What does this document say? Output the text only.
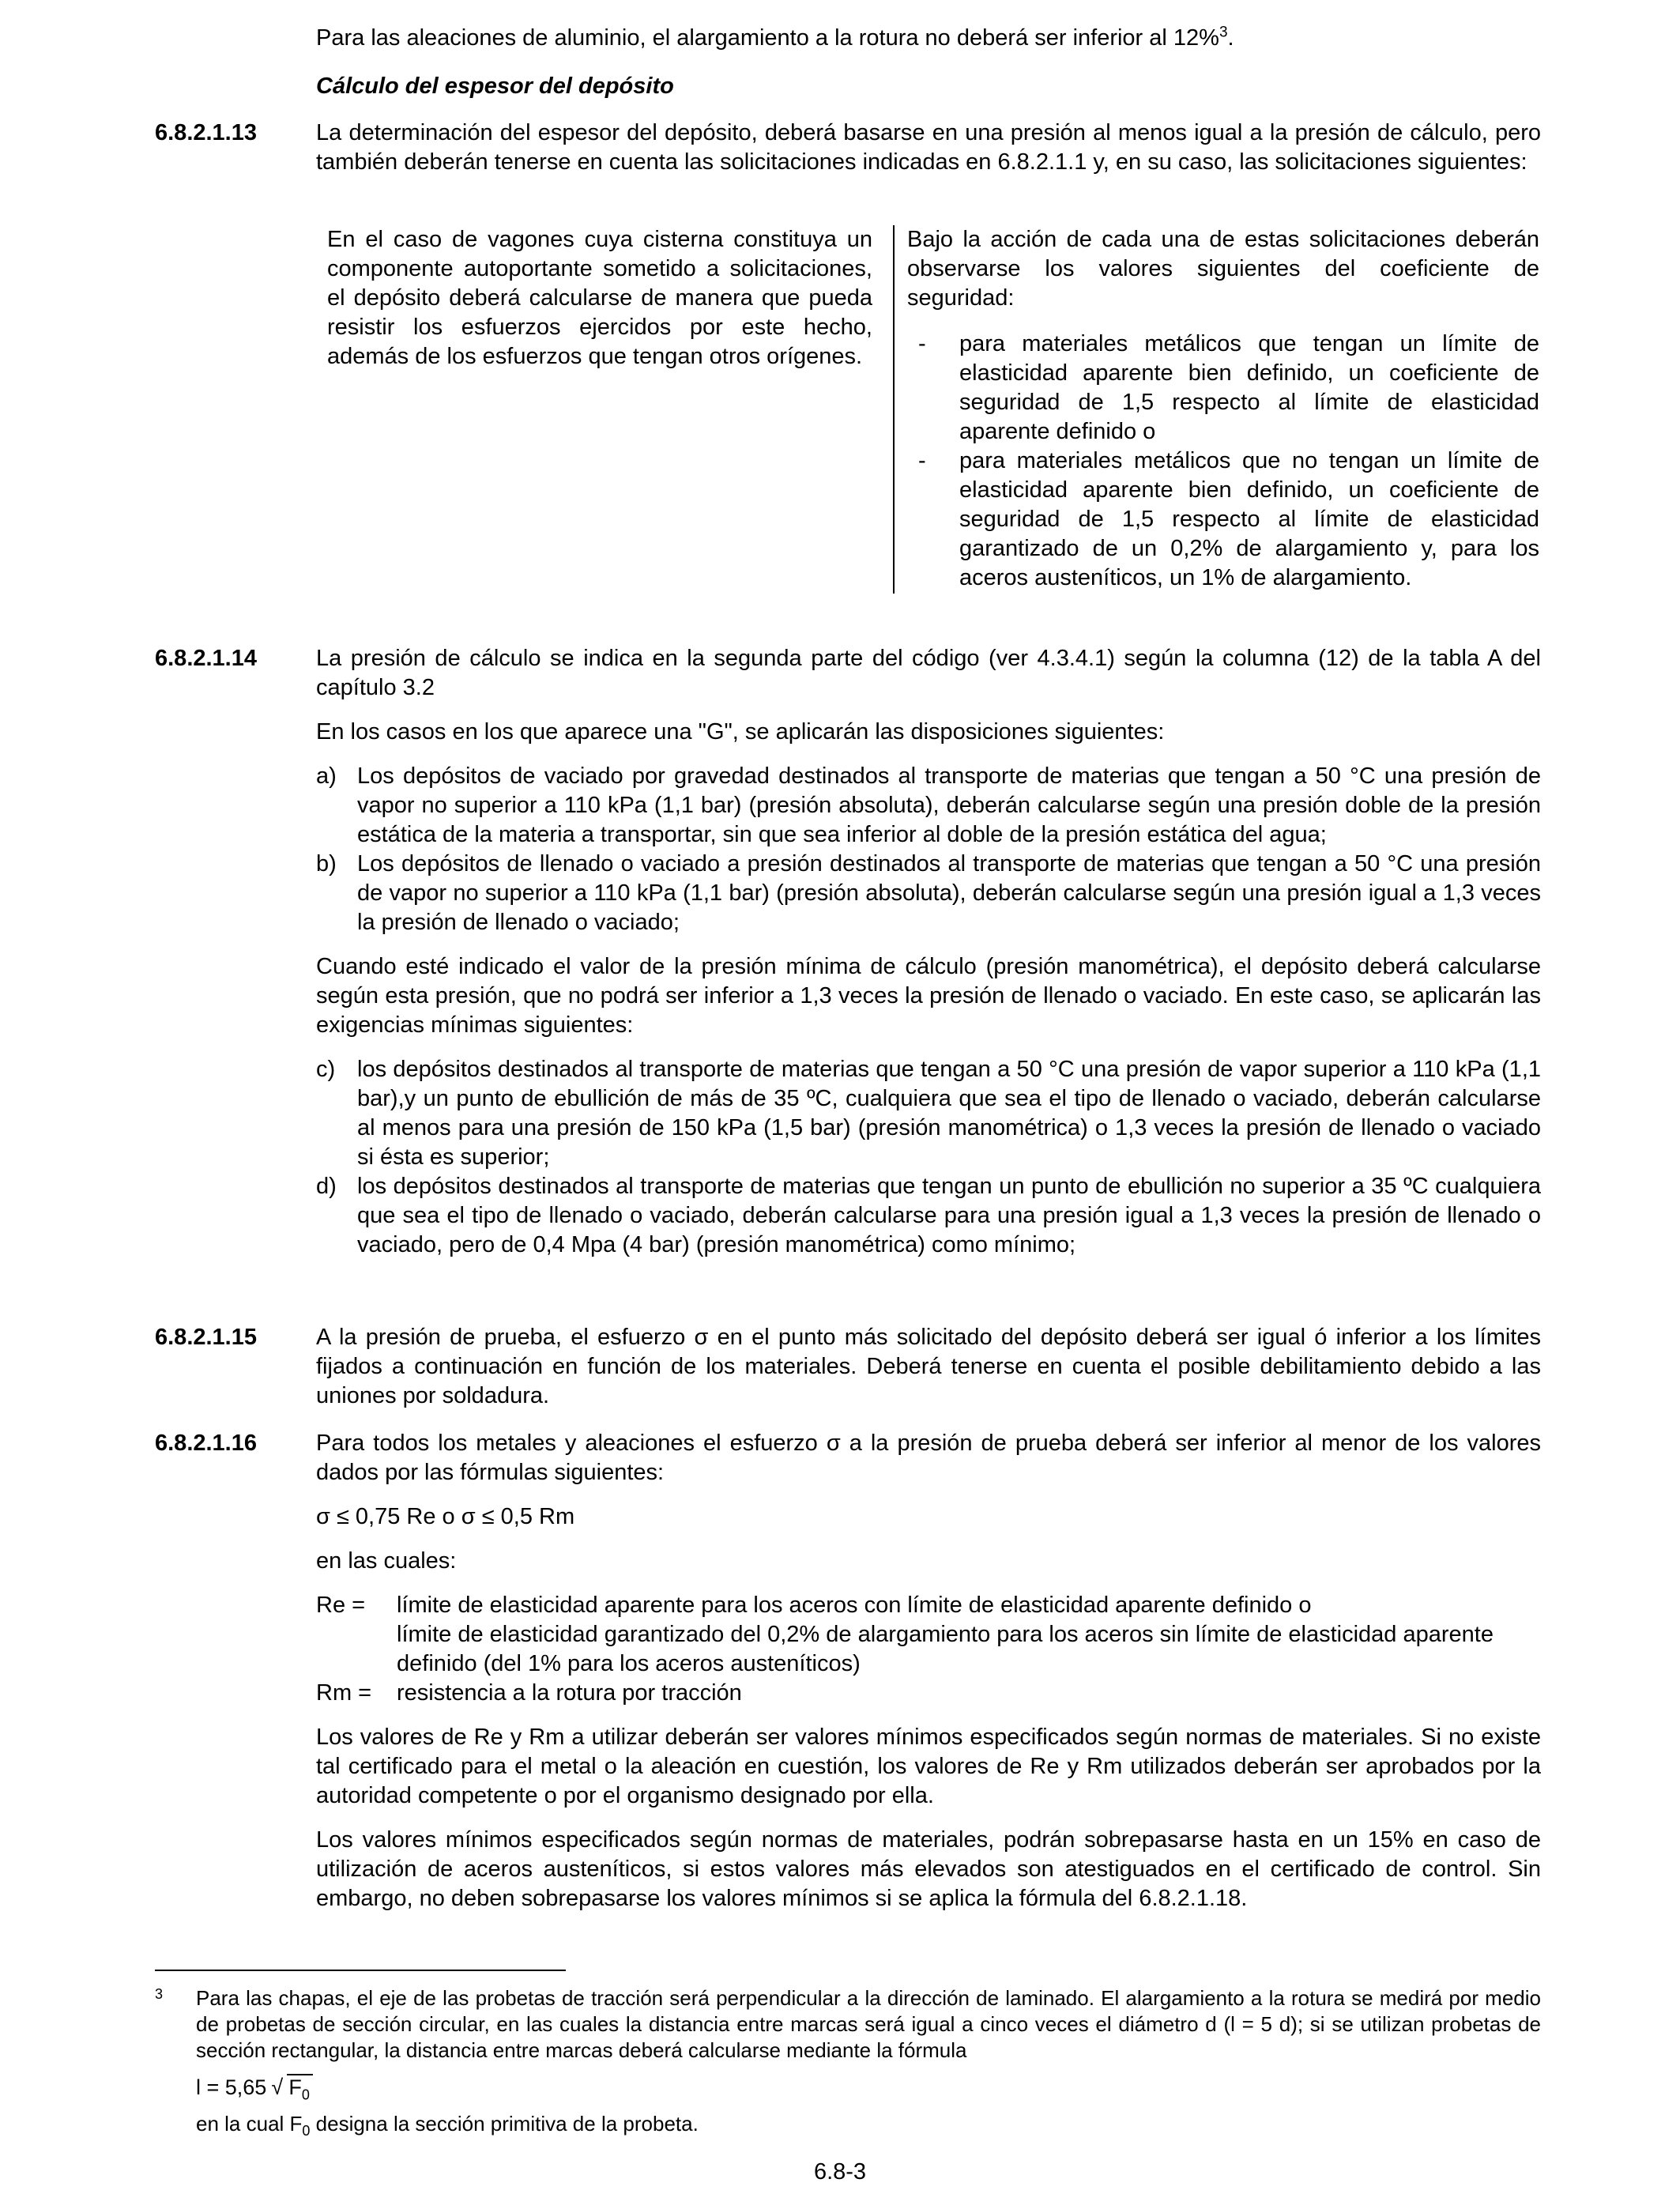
Para las aleaciones de aluminio, el alargamiento a la rotura no deberá ser inferior al 12%$^3$.

Cálculo del espesor del depósito
6.8.2.1.13	La determinación del espesor del depósito, deberá basarse en una presión al menos igual a la presión de cálculo, pero también deberán tenerse en cuenta las solicitaciones indicadas en 6.8.2.1.1 y, en su caso, las solicitaciones siguientes:

En el caso de vagones cuya cisterna constituya un componente autoportante sometido a solicitaciones, el depósito deberá calcularse de manera que pueda resistir los esfuerzos ejercidos por este hecho, además de los esfuerzos que tengan otros orígenes.
Bajo la acción de cada una de estas solicitaciones deberán observarse los valores siguientes del coeficiente de seguridad:
- para materiales metálicos que tengan un límite de elasticidad aparente bien definido, un coeficiente de seguridad de 1,5 respecto al límite de elasticidad aparente definido o
- para materiales metálicos que no tengan un límite de elasticidad aparente bien definido, un coeficiente de seguridad de 1,5 respecto al límite de elasticidad garantizado de un 0,2% de alargamiento y, para los aceros austeníticos, un 1% de alargamiento.
6.8.2.1.14	La presión de cálculo se indica en la segunda parte del código (ver 4.3.4.1) según la columna (12) de la tabla A del capítulo 3.2

En los casos en los que aparece una "G", se aplicarán las disposiciones siguientes:

a) Los depósitos de vaciado por gravedad destinados al transporte de materias que tengan a 50 °C una presión de vapor no superior a 110 kPa (1,1 bar) (presión absoluta), deberán calcularse según una presión doble de la presión estática de la materia a transportar, sin que sea inferior al doble de la presión estática del agua;
b) Los depósitos de llenado o vaciado a presión destinados al transporte de materias que tengan a 50 °C una presión de vapor no superior a 110 kPa (1,1 bar) (presión absoluta), deberán calcularse según una presión igual a 1,3 veces la presión de llenado o vaciado;

Cuando esté indicado el valor de la presión mínima de cálculo (presión manométrica), el depósito deberá calcularse según esta presión, que no podrá ser inferior a 1,3 veces la presión de llenado o vaciado. En este caso, se aplicarán las exigencias mínimas siguientes:

c) los depósitos destinados al transporte de materias que tengan a 50 °C una presión de vapor superior a 110 kPa (1,1 bar),y un punto de ebullición de más de 35 ºC, cualquiera que sea el tipo de llenado o vaciado, deberán calcularse al menos para una presión de 150 kPa (1,5 bar) (presión manométrica) o 1,3 veces la presión de llenado o vaciado si ésta es superior;
d) los depósitos destinados al transporte de materias que tengan un punto de ebullición no superior a 35 ºC cualquiera que sea el tipo de llenado o vaciado, deberán calcularse para una presión igual a 1,3 veces la presión de llenado o vaciado, pero de 0,4 Mpa (4 bar) (presión manométrica) como mínimo;
6.8.2.1.15	A la presión de prueba, el esfuerzo σ en el punto más solicitado del depósito deberá ser igual ó inferior a los límites fijados a continuación en función de los materiales. Deberá tenerse en cuenta el posible debilitamiento debido a las uniones por soldadura.

6.8.2.1.16	Para todos los metales y aleaciones el esfuerzo σ a la presión de prueba deberá ser inferior al menor de los valores dados por las fórmulas siguientes:

σ ≤ 0,75 Re o σ ≤ 0,5 Rm

en las cuales:

Re = límite de elasticidad aparente para los aceros con límite de elasticidad aparente definido o
límite de elasticidad garantizado del 0,2% de alargamiento para los aceros sin límite de elasticidad aparente definido (del 1% para los aceros austeníticos)
Rm = resistencia a la rotura por tracción

Los valores de Re y Rm a utilizar deberán ser valores mínimos especificados según normas de materiales. Si no existe tal certificado para el metal o la aleación en cuestión, los valores de Re y Rm utilizados deberán ser aprobados por la autoridad competente o por el organismo designado por ella.

Los valores mínimos especificados según normas de materiales, podrán sobrepasarse hasta en un 15% en caso de utilización de aceros austeníticos, si estos valores más elevados son atestiguados en el certificado de control. Sin embargo, no deben sobrepasarse los valores mínimos si se aplica la fórmula del 6.8.2.1.18.

3 Para las chapas, el eje de las probetas de tracción será perpendicular a la dirección de laminado. El alargamiento a la rotura se medirá por medio de probetas de sección circular, en las cuales la distancia entre marcas será igual a cinco veces el diámetro d (l = 5 d); si se utilizan probetas de sección rectangular, la distancia entre marcas deberá calcularse mediante la fórmula
l = 5,65 √ $F_0$
en la cual $F_0$ designa la sección primitiva de la probeta.
6.8-3
